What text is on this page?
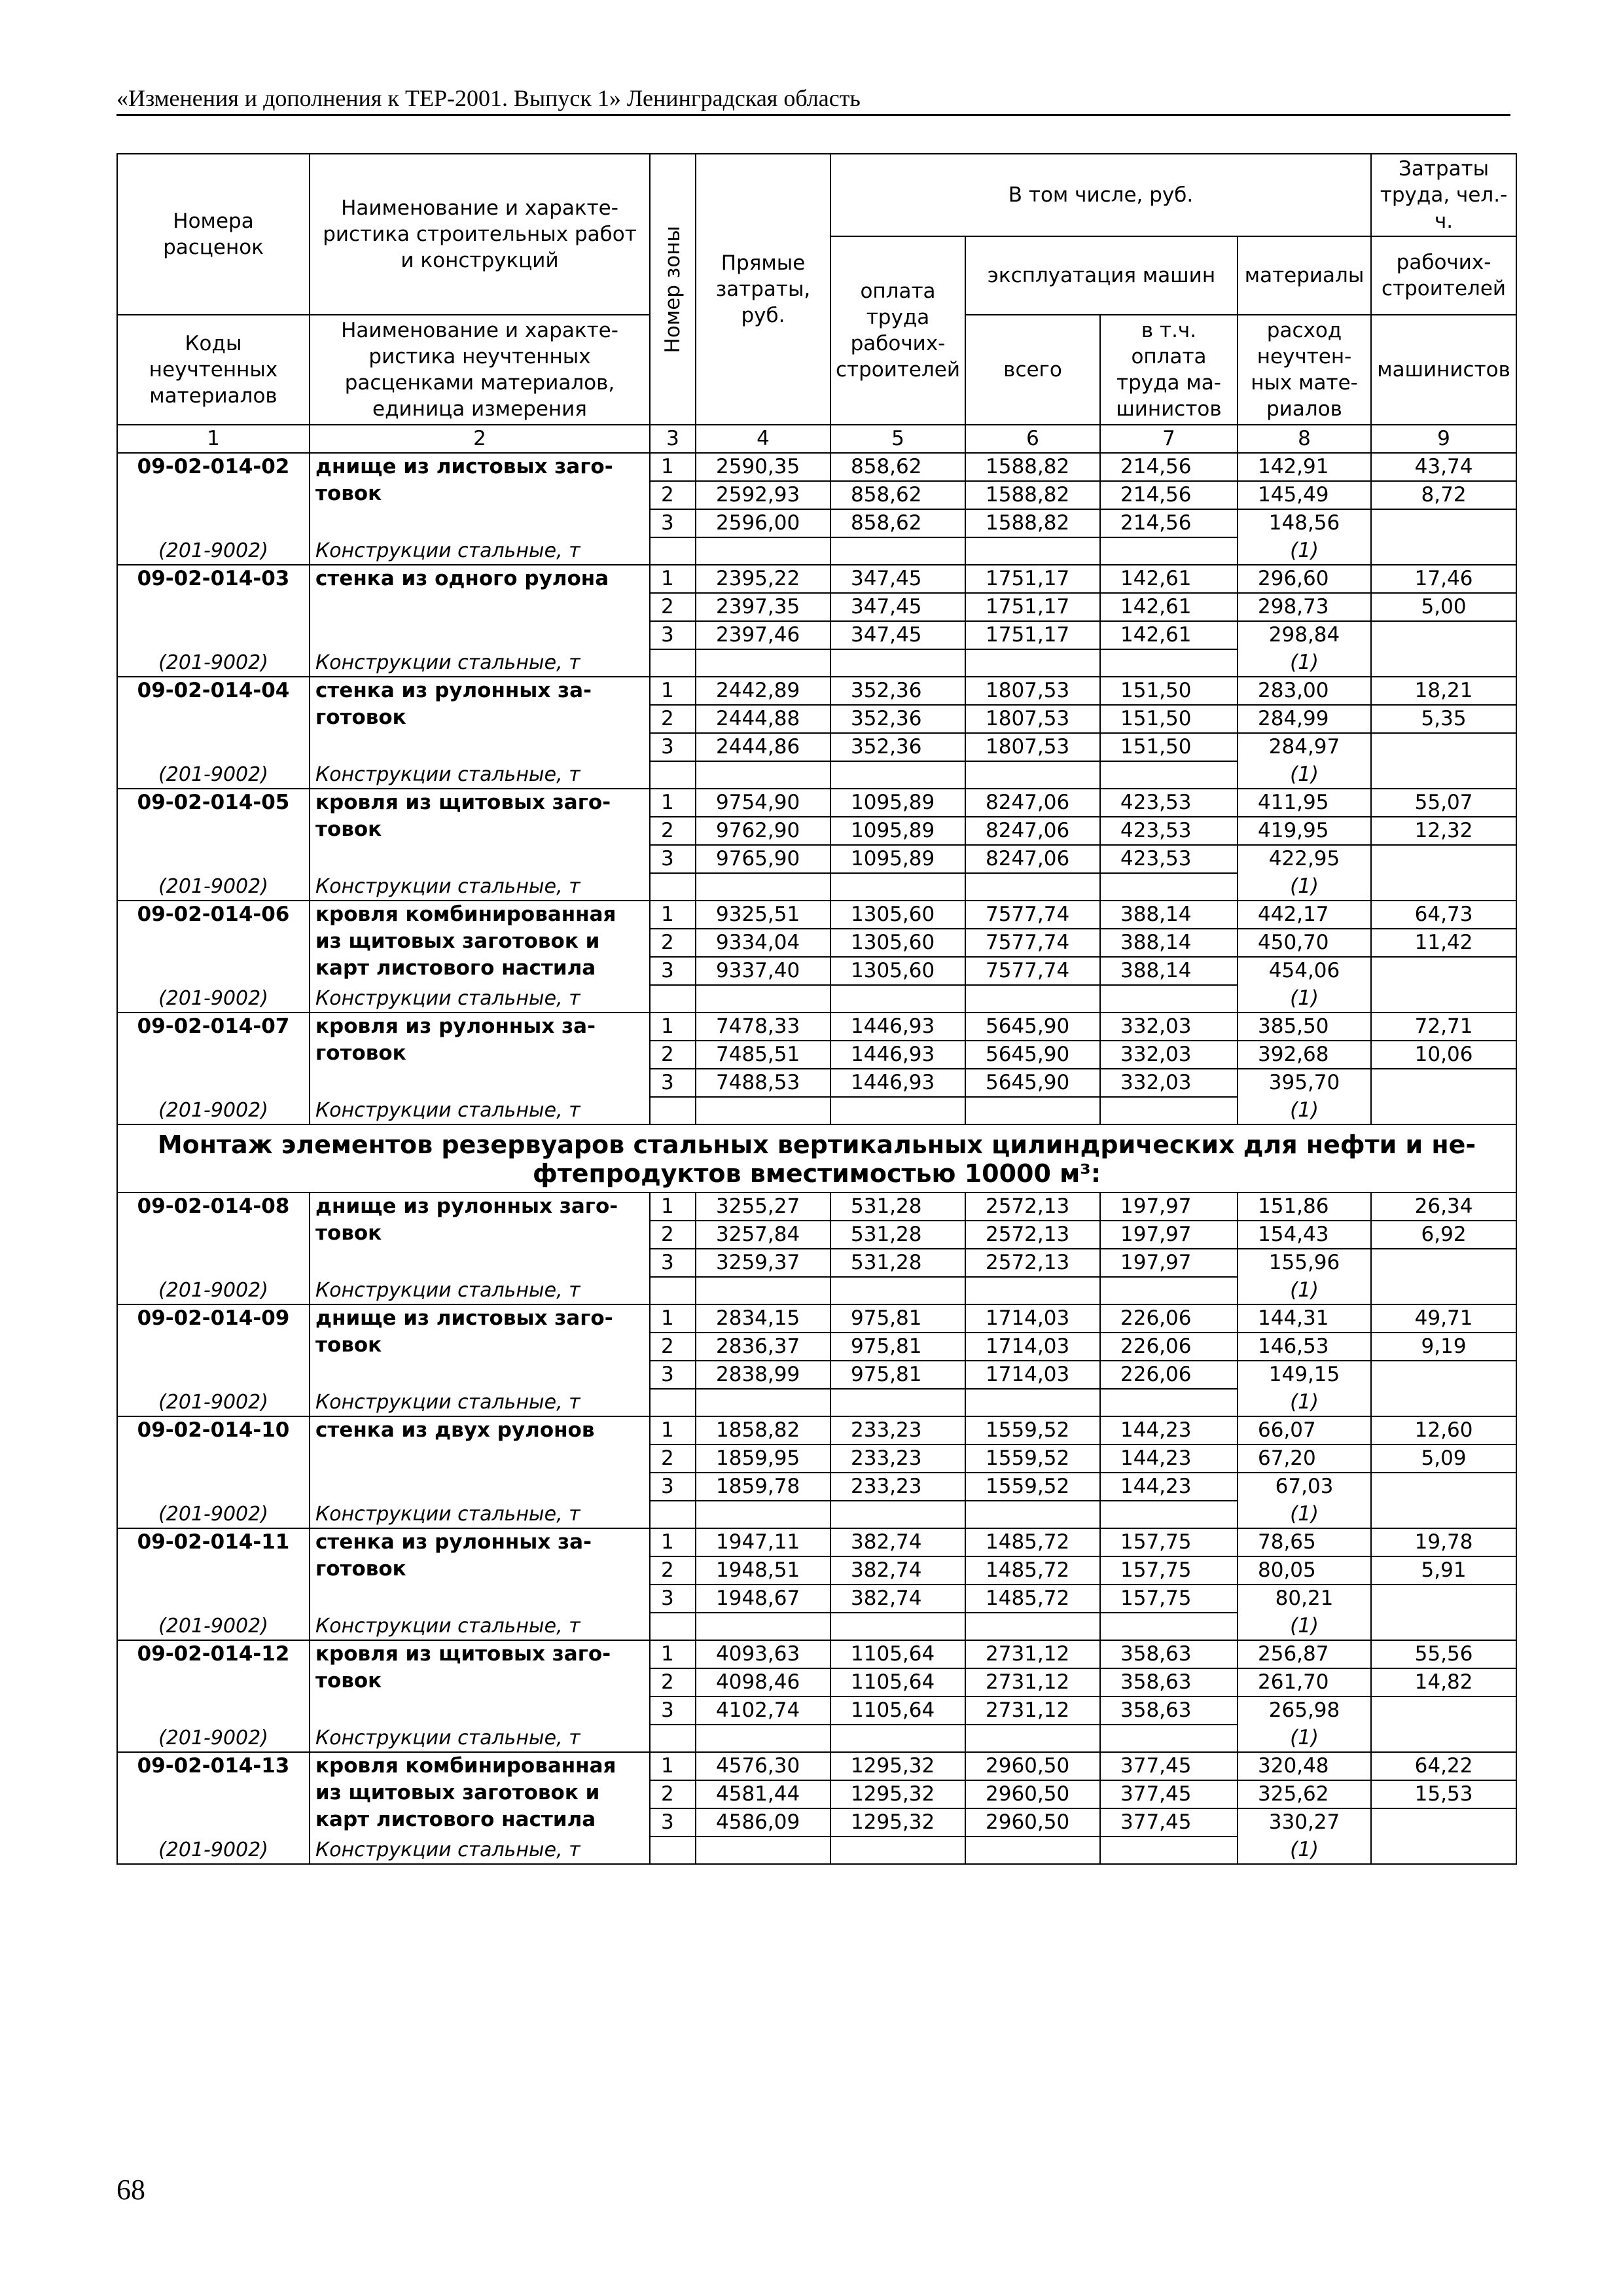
«Изменения и дополнения к ТЕР-2001. Выпуск 1» Ленинградская область
Номера расценок	Наименование и характеристика строительных работ и конструкций	Номер зоны	Прямые затраты, руб.	В том числе, руб.				Затраты труда, чел.-ч.
				оплата труда рабочих-строителей	эксплуатация машин		материалы	рабочих-строителей

Коды неучтенных материалов	Наименование и характеристика неучтенных расценками материалов, единица измерения				всего	в т.ч. оплата труда машинистов	расход неучтенных материалов	машинистов

1	2	3	4	5	6	7	8	9
09-02-014-02	днище из листовых заготовок	1	2590,35	858,62	1588,82	214,56	142,91	43,74
		2	2592,93	858,62	1588,82	214,56	145,49	8,72
		3	2596,00	858,62	1588,82	214,56	148,56	
(201-9002)	Конструкции стальные, т						(1)	
09-02-014-03	стенка из одного рулона	1	2395,22	347,45	1751,17	142,61	296,60	17,46
		2	2397,35	347,45	1751,17	142,61	298,73	5,00
		3	2397,46	347,45	1751,17	142,61	298,84	
(201-9002)	Конструкции стальные, т						(1)	
09-02-014-04	стенка из рулонных заготовок	1	2442,89	352,36	1807,53	151,50	283,00	18,21
		2	2444,88	352,36	1807,53	151,50	284,99	5,35
		3	2444,86	352,36	1807,53	151,50	284,97	
(201-9002)	Конструкции стальные, т						(1)	
09-02-014-05	кровля из щитовых заготовок	1	9754,90	1095,89	8247,06	423,53	411,95	55,07
		2	9762,90	1095,89	8247,06	423,53	419,95	12,32
		3	9765,90	1095,89	8247,06	423,53	422,95	
(201-9002)	Конструкции стальные, т						(1)	
09-02-014-06	кровля комбинированная из щитовых заготовок и карт листового настила	1	9325,51	1305,60	7577,74	388,14	442,17	64,73
		2	9334,04	1305,60	7577,74	388,14	450,70	11,42
		3	9337,40	1305,60	7577,74	388,14	454,06	
(201-9002)	Конструкции стальные, т						(1)	
09-02-014-07	кровля из рулонных заготовок	1	7478,33	1446,93	5645,90	332,03	385,50	72,71
		2	7485,51	1446,93	5645,90	332,03	392,68	10,06
		3	7488,53	1446,93	5645,90	332,03	395,70	
(201-9002)	Конструкции стальные, т						(1)	
Монтаж элементов резервуаров стальных вертикальных цилиндрических для нефти и нефтепродуктов вместимостью 10000 м³:								
09-02-014-08	днище из рулонных заготовок	1	3255,27	531,28	2572,13	197,97	151,86	26,34
		2	3257,84	531,28	2572,13	197,97	154,43	6,92
		3	3259,37	531,28	2572,13	197,97	155,96	
(201-9002)	Конструкции стальные, т						(1)	
09-02-014-09	днище из листовых заготовок	1	2834,15	975,81	1714,03	226,06	144,31	49,71
		2	2836,37	975,81	1714,03	226,06	146,53	9,19
		3	2838,99	975,81	1714,03	226,06	149,15	
(201-9002)	Конструкции стальные, т						(1)	
09-02-014-10	стенка из двух рулонов	1	1858,82	233,23	1559,52	144,23	66,07	12,60
		2	1859,95	233,23	1559,52	144,23	67,20	5,09
		3	1859,78	233,23	1559,52	144,23	67,03	
(201-9002)	Конструкции стальные, т						(1)	
09-02-014-11	стенка из рулонных заготовок	1	1947,11	382,74	1485,72	157,75	78,65	19,78
		2	1948,51	382,74	1485,72	157,75	80,05	5,91
		3	1948,67	382,74	1485,72	157,75	80,21	
(201-9002)	Конструкции стальные, т						(1)	
09-02-014-12	кровля из щитовых заготовок	1	4093,63	1105,64	2731,12	358,63	256,87	55,56
		2	4098,46	1105,64	2731,12	358,63	261,70	14,82
		3	4102,74	1105,64	2731,12	358,63	265,98	
(201-9002)	Конструкции стальные, т						(1)	
09-02-014-13	кровля комбинированная из щитовых заготовок и карт листового настила	1	4576,30	1295,32	2960,50	377,45	320,48	64,22
		2	4581,44	1295,32	2960,50	377,45	325,62	15,53
		3	4586,09	1295,32	2960,50	377,45	330,27	
(201-9002)	Конструкции стальные, т						(1)	
68
